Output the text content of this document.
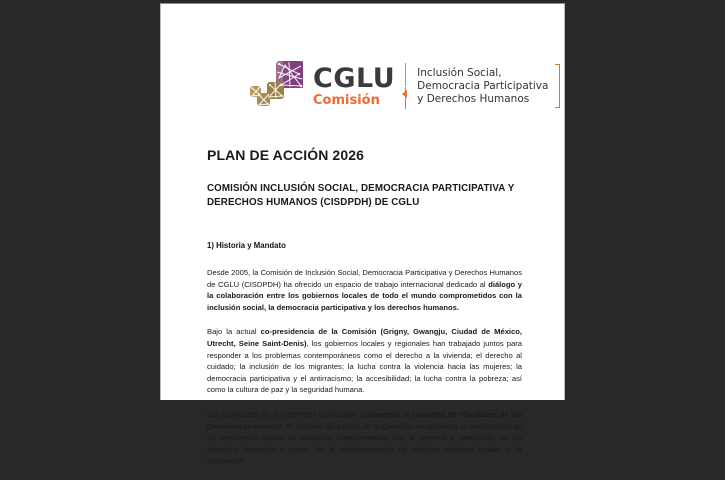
CGLU
Comisión
Inclusión Social,
Democracia Participativa
y Derechos Humanos
PLAN DE ACCIÓN 2026
COMISIÓN INCLUSIÓN SOCIAL, DEMOCRACIA PARTICIPATIVA Y DERECHOS HUMANOS (CISDPDH) DE CGLU
1) Historia y Mandato

Desde 2005, la Comisión de Inclusión Social, Democracia Participativa y Derechos Humanos de CGLU (CISDPDH) ha ofrecido un espacio de trabajo internacional dedicado al diálogo y la colaboración entre los gobiernos locales de todo el mundo comprometidos con la inclusión social, la democracia participativa y los derechos humanos.

Bajo la actual co-presidencia de la Comisión (Grigny, Gwangju, Ciudad de México, Utrecht, Seine Saint-Denis), los gobiernos locales y regionales han trabajado juntos para responder a los problemas contemporáneos como el derecho a la vivienda; el derecho al cuidado; la inclusión de los migrantes; la lucha contra la violencia hacia las mujeres; la democracia participativa y el antirracismo; la accesibilidad; la lucha contra la pobreza; así como la cultura de paz y la seguridad humana.

Las actividades de la CISDPDH contribuyen a alimentar el concepto de “Ciudades de los Derechos Humanos”. El objetivo del trabajo de la Comisión es fortalecer la construcción de un movimiento global de ciudades comprometidas con la defensa y promoción de los derechos humanos a través de la implementación de políticas públicas locales y la solidaridad
